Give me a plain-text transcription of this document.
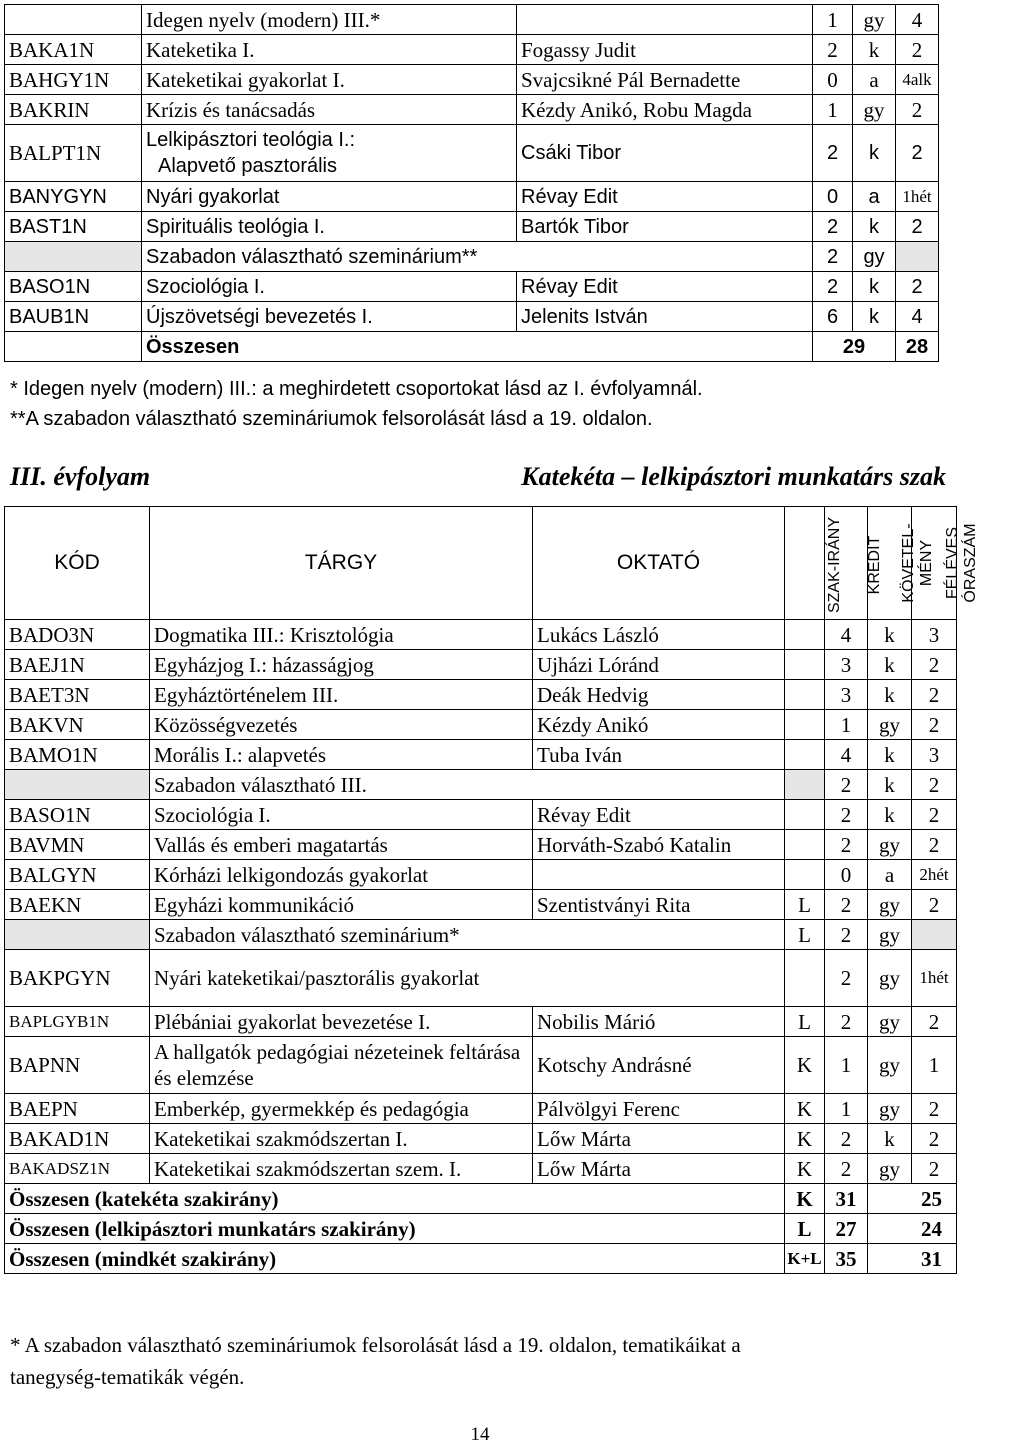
	Idegen nyelv (modern) III.*		1	gy	4
BAKA1N	Kateketika I.	Fogassy Judit	2	k	2
BAHGY1N	Kateketikai gyakorlat I.	Svajcsikné Pál Bernadette	0	a	4alk
BAKRIN	Krízis és tanácsadás	Kézdy Anikó, Robu Magda	1	gy	2
BALPT1N	Lelkipásztori teológia I.:
Alapvető pasztorális	Csáki Tibor	2	k	2
BANYGYN	Nyári gyakorlat	Révay Edit	0	a	1hét
BAST1N	Spirituális teológia I.	Bartók Tibor	2	k	2
	Szabadon választható szeminárium**		2	gy	
BASO1N	Szociológia I.	Révay Edit	2	k	2
BAUB1N	Újszövetségi bevezetés I.	Jelenits István	6	k	4
	Összesen		29		28
* Idegen nyelv (modern) III.: a meghirdetett csoportokat lásd az I. évfolyamnál.
**A szabadon választható szemináriumok felsorolását lásd a 19. oldalon.
III. évfolyam	Katekéta – lelkipásztori munkatárs szak
KÓD	TÁRGY	OKTATÓ	SZAK-IRÁNY	KREDIT	KÖVETEL-MÉNY	FÉLÉVES ÓRASZÁM
BADO3N	Dogmatika III.: Krisztológia	Lukács László		4	k	3
BAEJ1N	Egyházjog I.: házasságjog	Ujházi Lóránd		3	k	2
BAET3N	Egyháztörténelem III.	Deák Hedvig		3	k	2
BAKVN	Közösségvezetés	Kézdy Anikó		1	gy	2
BAMO1N	Morális I.: alapvetés	Tuba Iván		4	k	3
	Szabadon választható III.			2	k	2
BASO1N	Szociológia I.	Révay Edit		2	k	2
BAVMN	Vallás és emberi magatartás	Horváth-Szabó Katalin		2	gy	2
BALGYN	Kórházi lelkigondozás gyakorlat			0	a	2hét
BAEKN	Egyházi kommunikáció	Szentistványi Rita	L	2	gy	2
	Szabadon választható szeminárium*		L	2	gy	
BAKPGYN	Nyári kateketikai/pasztorális gyakorlat			2	gy	1hét
BAPLGYB1N	Plébániai gyakorlat bevezetése I.	Nobilis Márió	L	2	gy	2
BAPNN	A hallgatók pedagógiai nézeteinek feltárása és elemzése	Kotschy Andrásné	K	1	gy	1
BAEPN	Emberkép, gyermekkép és pedagógia	Pálvölgyi Ferenc	K	1	gy	2
BAKAD1N	Kateketikai szakmódszertan I.	Lőw Márta	K	2	k	2
BAKADSZ1N	Kateketikai szakmódszertan szem. I.	Lőw Márta	K	2	gy	2
Összesen (katekéta szakirány)			K	31	25	
Összesen (lelkipásztori munkatárs szakirány)			L	27	24	
Összesen (mindkét szakirány)			K+L	35	31	
* A szabadon választható szemináriumok felsorolását lásd a 19. oldalon, tematikáikat a
tanegység-tematikák végén.
14
